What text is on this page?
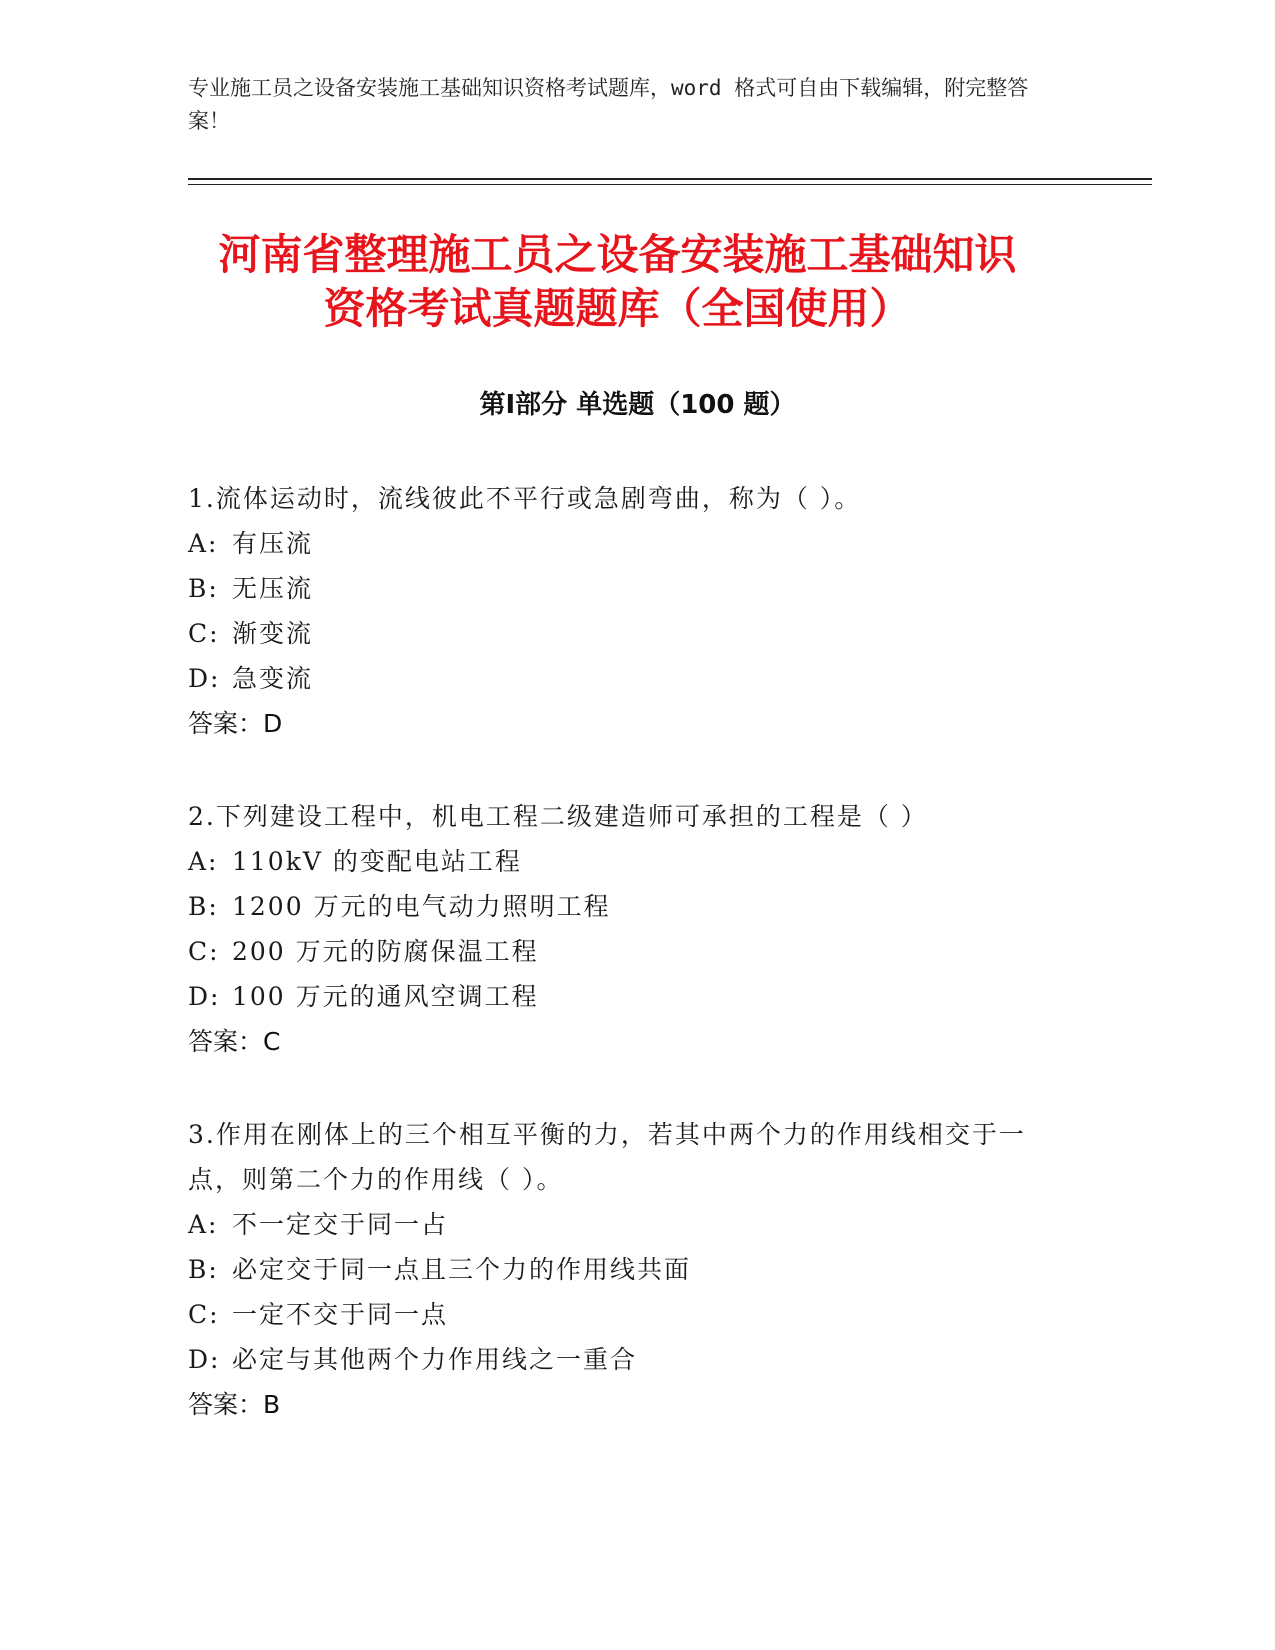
专业施工员之设备安装施工基础知识资格考试题库，word 格式可自由下载编辑，附完整答案！
河南省整理施工员之设备安装施工基础知识
资格考试真题题库（全国使用）
第Ⅰ部分 单选题（100 题）
1.流体运动时，流线彼此不平行或急剧弯曲，称为（ ）。
A: 有压流
B: 无压流
C: 渐变流
D: 急变流
答案：D
2.下列建设工程中，机电工程二级建造师可承担的工程是（ ）
A: 110kV 的变配电站工程
B: 1200 万元的电气动力照明工程
C: 200 万元的防腐保温工程
D: 100 万元的通风空调工程
答案：C
3.作用在刚体上的三个相互平衡的力，若其中两个力的作用线相交于一点，则第二个力的作用线（ ）。
A: 不一定交于同一占
B: 必定交于同一点且三个力的作用线共面
C: 一定不交于同一点
D: 必定与其他两个力作用线之一重合
答案：B
